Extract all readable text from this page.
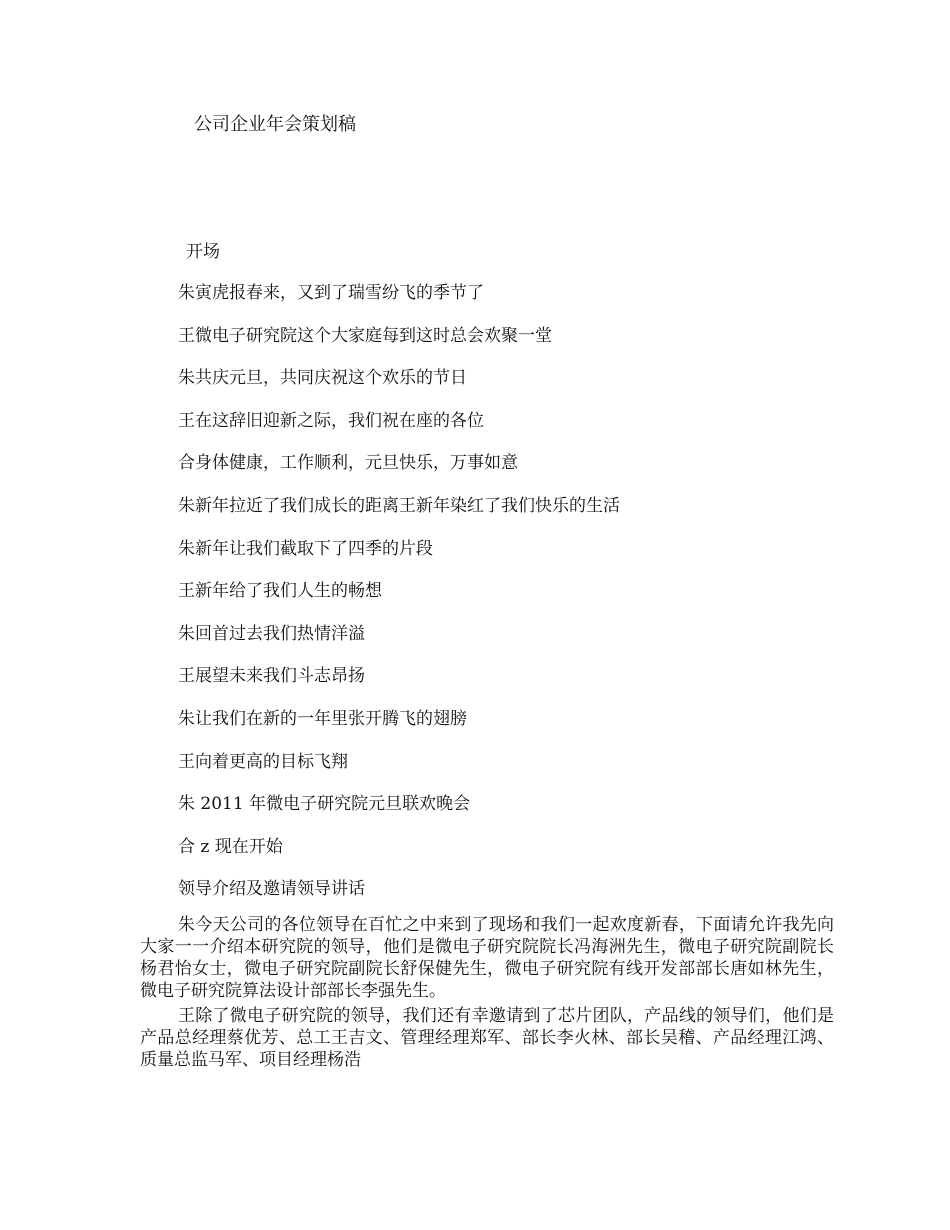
公司企业年会策划稿
开场
朱寅虎报春来，又到了瑞雪纷飞的季节了
王微电子研究院这个大家庭每到这时总会欢聚一堂
朱共庆元旦，共同庆祝这个欢乐的节日
王在这辞旧迎新之际，我们祝在座的各位
合身体健康，工作顺利，元旦快乐，万事如意
朱新年拉近了我们成长的距离王新年染红了我们快乐的生活
朱新年让我们截取下了四季的片段
王新年给了我们人生的畅想
朱回首过去我们热情洋溢
王展望未来我们斗志昂扬
朱让我们在新的一年里张开腾飞的翅膀
王向着更高的目标飞翔
朱 2011 年微电子研究院元旦联欢晚会
合 z 现在开始
领导介绍及邀请领导讲话

朱今天公司的各位领导在百忙之中来到了现场和我们一起欢度新春，下面请允许我先向大家一一介绍本研究院的领导，他们是微电子研究院院长冯海洲先生，微电子研究院副院长杨君怡女士，微电子研究院副院长舒保健先生，微电子研究院有线开发部部长唐如林先生，微电子研究院算法设计部部长李强先生。

王除了微电子研究院的领导，我们还有幸邀请到了芯片团队，产品线的领导们，他们是产品总经理蔡优芳、总工王吉文、管理经理郑军、部长李火林、部长吴稽、产品经理江鸿、质量总监马军、项目经理杨浩
